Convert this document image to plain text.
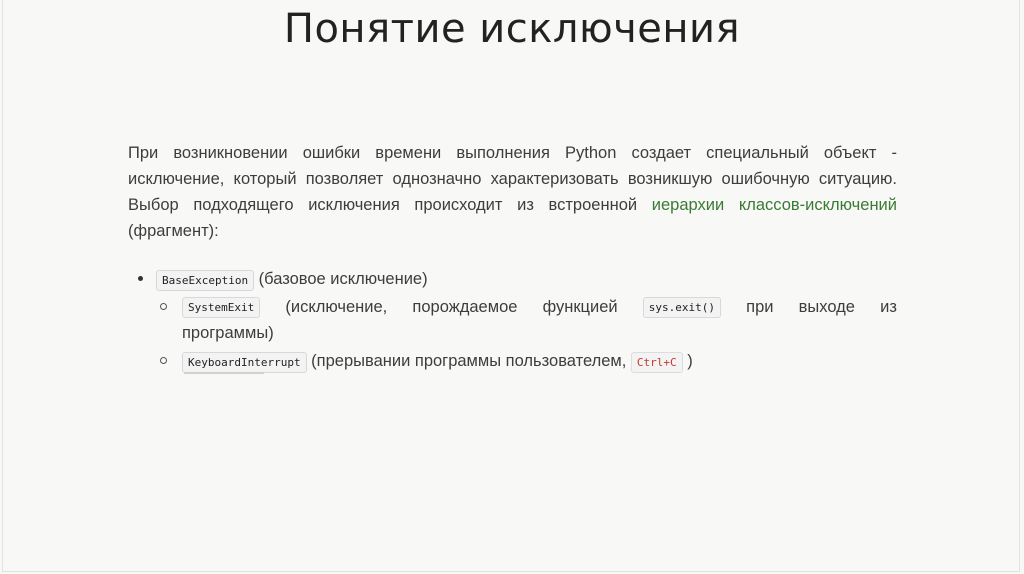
Понятие исключения

При возникновении ошибки времени выполнения Python создает специальный объект - исключение, который позволяет однозначно характеризовать возникшую ошибочную ситуацию. Выбор подходящего исключения происходит из встроенной иерархии классов-исключений (фрагмент):

BaseException (базовое исключение)
SystemExit	(исключение, порождаемое функцией	sys.exit()	при выходе из
программы)
KeyboardInterrupt (прерывании программы пользователем, Ctrl+C )
